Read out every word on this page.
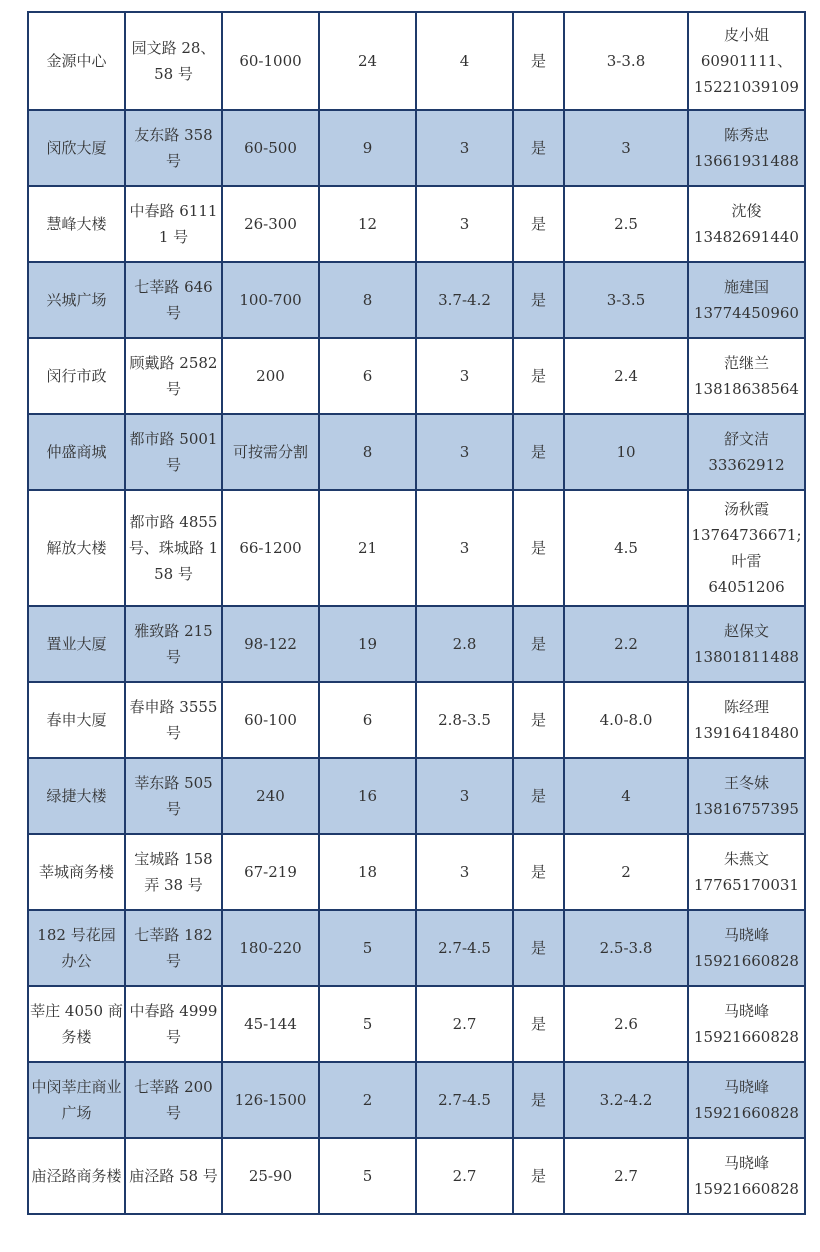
金源中心	园文路 28、58 号	60-1000	24	4	是	3-3.8	皮小姐
60901111、
15221039109

闵欣大厦	友东路 358 号	60-500	9	3	是	3	陈秀忠
13661931488

慧峰大楼	中春路 61111 号	26-300	12	3	是	2.5	沈俊
13482691440

兴城广场	七莘路 646 号	100-700	8	3.7-4.2	是	3-3.5	施建国
13774450960

闵行市政	顾戴路 2582 号	200	6	3	是	2.4	范继兰
13818638564

仲盛商城	都市路 5001 号	可按需分割	8	3	是	10	舒文洁
33362912

解放大楼	都市路 4855 号、珠城路 158 号	66-1200	21	3	是	4.5	汤秋霞
13764736671;
叶雷
64051206

置业大厦	雅致路 215 号	98-122	19	2.8	是	2.2	赵保文
13801811488

春申大厦	春申路 3555 号	60-100	6	2.8-3.5	是	4.0-8.0	陈经理
13916418480

绿捷大楼	莘东路 505 号	240	16	3	是	4	王冬妹
13816757395

莘城商务楼	宝城路 158 弄 38 号	67-219	18	3	是	2	朱燕文
17765170031

182 号花园办公	七莘路 182 号	180-220	5	2.7-4.5	是	2.5-3.8	马晓峰
15921660828

莘庄 4050 商务楼	中春路 4999 号	45-144	5	2.7	是	2.6	马晓峰
15921660828

中闵莘庄商业广场	七莘路 200 号	126-1500	2	2.7-4.5	是	3.2-4.2	马晓峰
15921660828

庙泾路商务楼	庙泾路 58 号	25-90	5	2.7	是	2.7	马晓峰
15921660828
